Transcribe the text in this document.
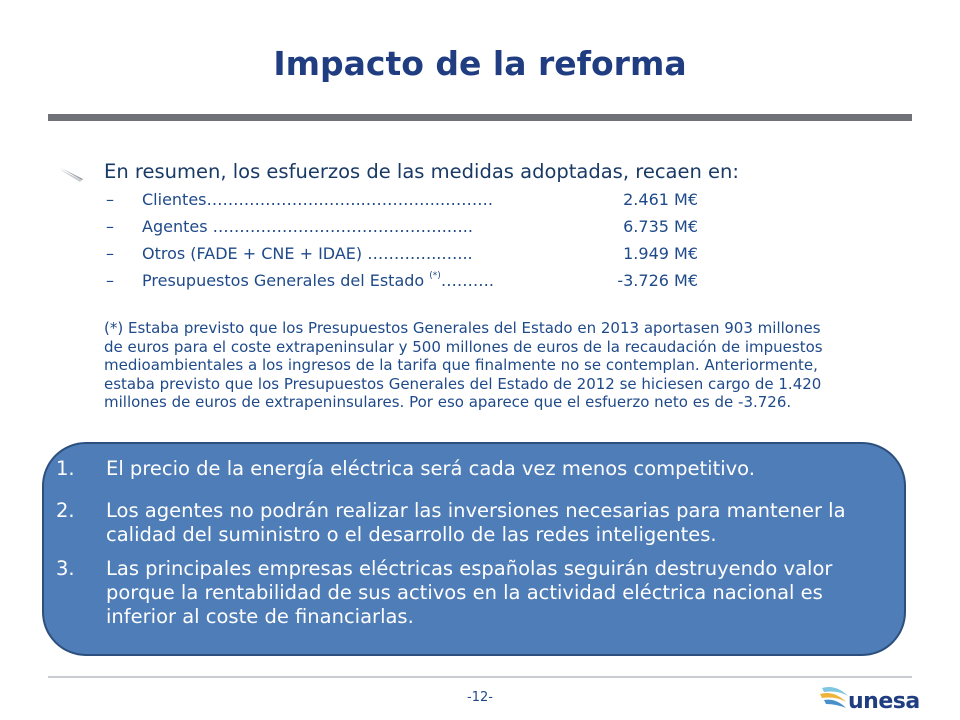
Impacto de la reforma
En resumen, los esfuerzos de las medidas adoptadas, recaen en:
– Clientes………………….……..…………..……….	2.461 M€
– Agentes ……………………………………..…..	6.735 M€
– Otros (FADE + CNE + IDAE) …………..…...	1.949 M€
– Presupuestos Generales del Estado (*)……….	-3.726 M€
(*) Estaba previsto que los Presupuestos Generales del Estado en 2013 aportasen 903 millones
de euros para el coste extrapeninsular y 500 millones de euros de la recaudación de impuestos
medioambientales a los ingresos de la tarifa que finalmente no se contemplan. Anteriormente,
estaba previsto que los Presupuestos Generales del Estado de 2012 se hiciesen cargo de 1.420
millones de euros de extrapeninsulares. Por eso aparece que el esfuerzo neto es de -3.726.
1. El precio de la energía eléctrica será cada vez menos competitivo.
2. Los agentes no podrán realizar las inversiones necesarias para mantener la
calidad del suministro o el desarrollo de las redes inteligentes.
3. Las principales empresas eléctricas españolas seguirán destruyendo valor
porque la rentabilidad de sus activos en la actividad eléctrica nacional es
inferior al coste de financiarlas.
-12-	unesa
